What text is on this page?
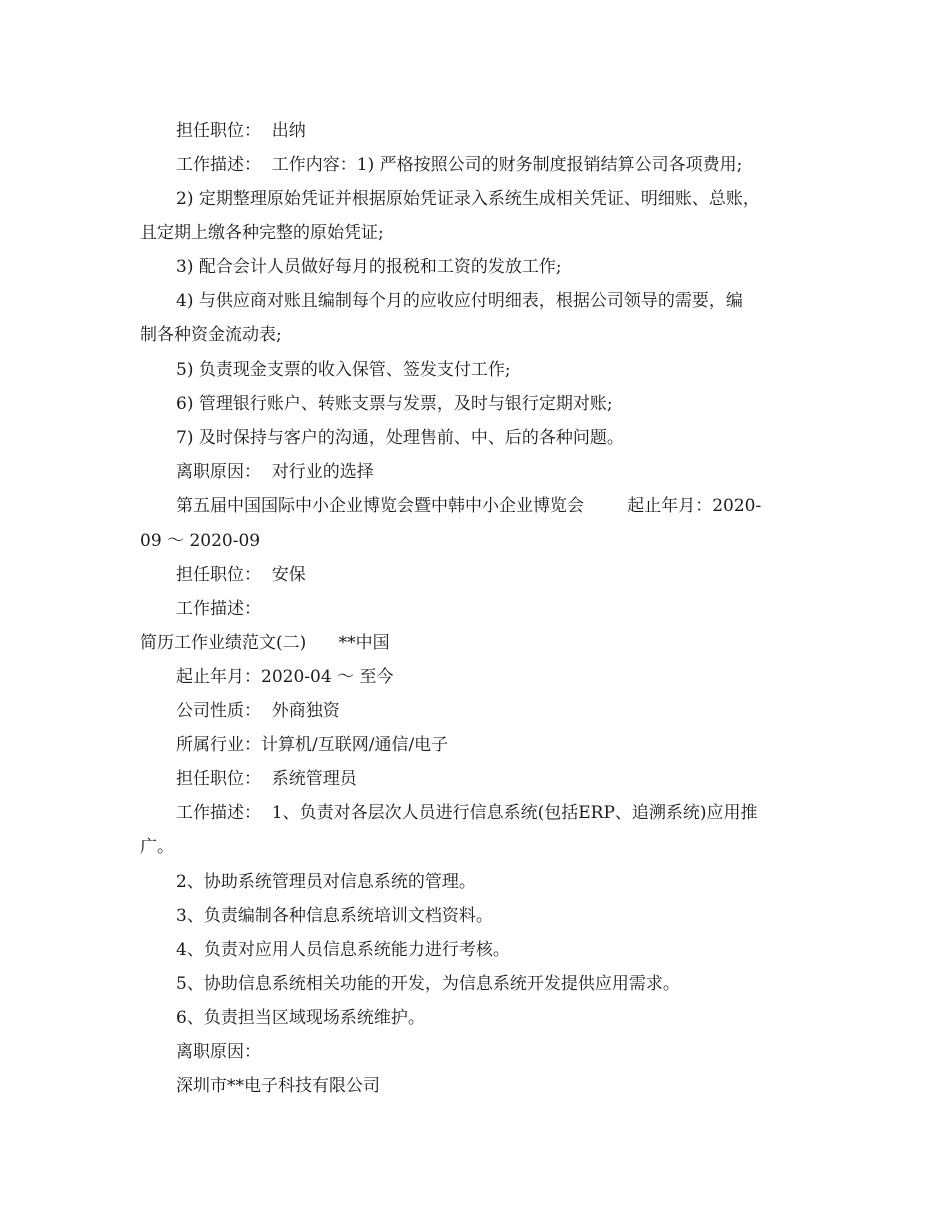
担任职位：  出纳
工作描述：  工作内容：1) 严格按照公司的财务制度报销结算公司各项费用;
2) 定期整理原始凭证并根据原始凭证录入系统生成相关凭证、明细账、总账，
且定期上缴各种完整的原始凭证;
3) 配合会计人员做好每月的报税和工资的发放工作;
4) 与供应商对账且编制每个月的应收应付明细表，根据公司领导的需要，编
制各种资金流动表;
5) 负责现金支票的收入保管、签发支付工作;
6) 管理银行账户、转账支票与发票，及时与银行定期对账;
7) 及时保持与客户的沟通，处理售前、中、后的各种问题。
离职原因：  对行业的选择
第五届中国国际中小企业博览会暨中韩中小企业博览会        起止年月：2020-
09 ～ 2020-09
担任职位：  安保
工作描述：
简历工作业绩范文(二)      **中国
起止年月：2020-04 ～ 至今
公司性质：  外商独资
所属行业：计算机/互联网/通信/电子
担任职位：  系统管理员
工作描述：  1、负责对各层次人员进行信息系统(包括ERP、追溯系统)应用推
广。
2、协助系统管理员对信息系统的管理。
3、负责编制各种信息系统培训文档资料。
4、负责对应用人员信息系统能力进行考核。
5、协助信息系统相关功能的开发，为信息系统开发提供应用需求。
6、负责担当区域现场系统维护。
离职原因：
深圳市**电子科技有限公司
